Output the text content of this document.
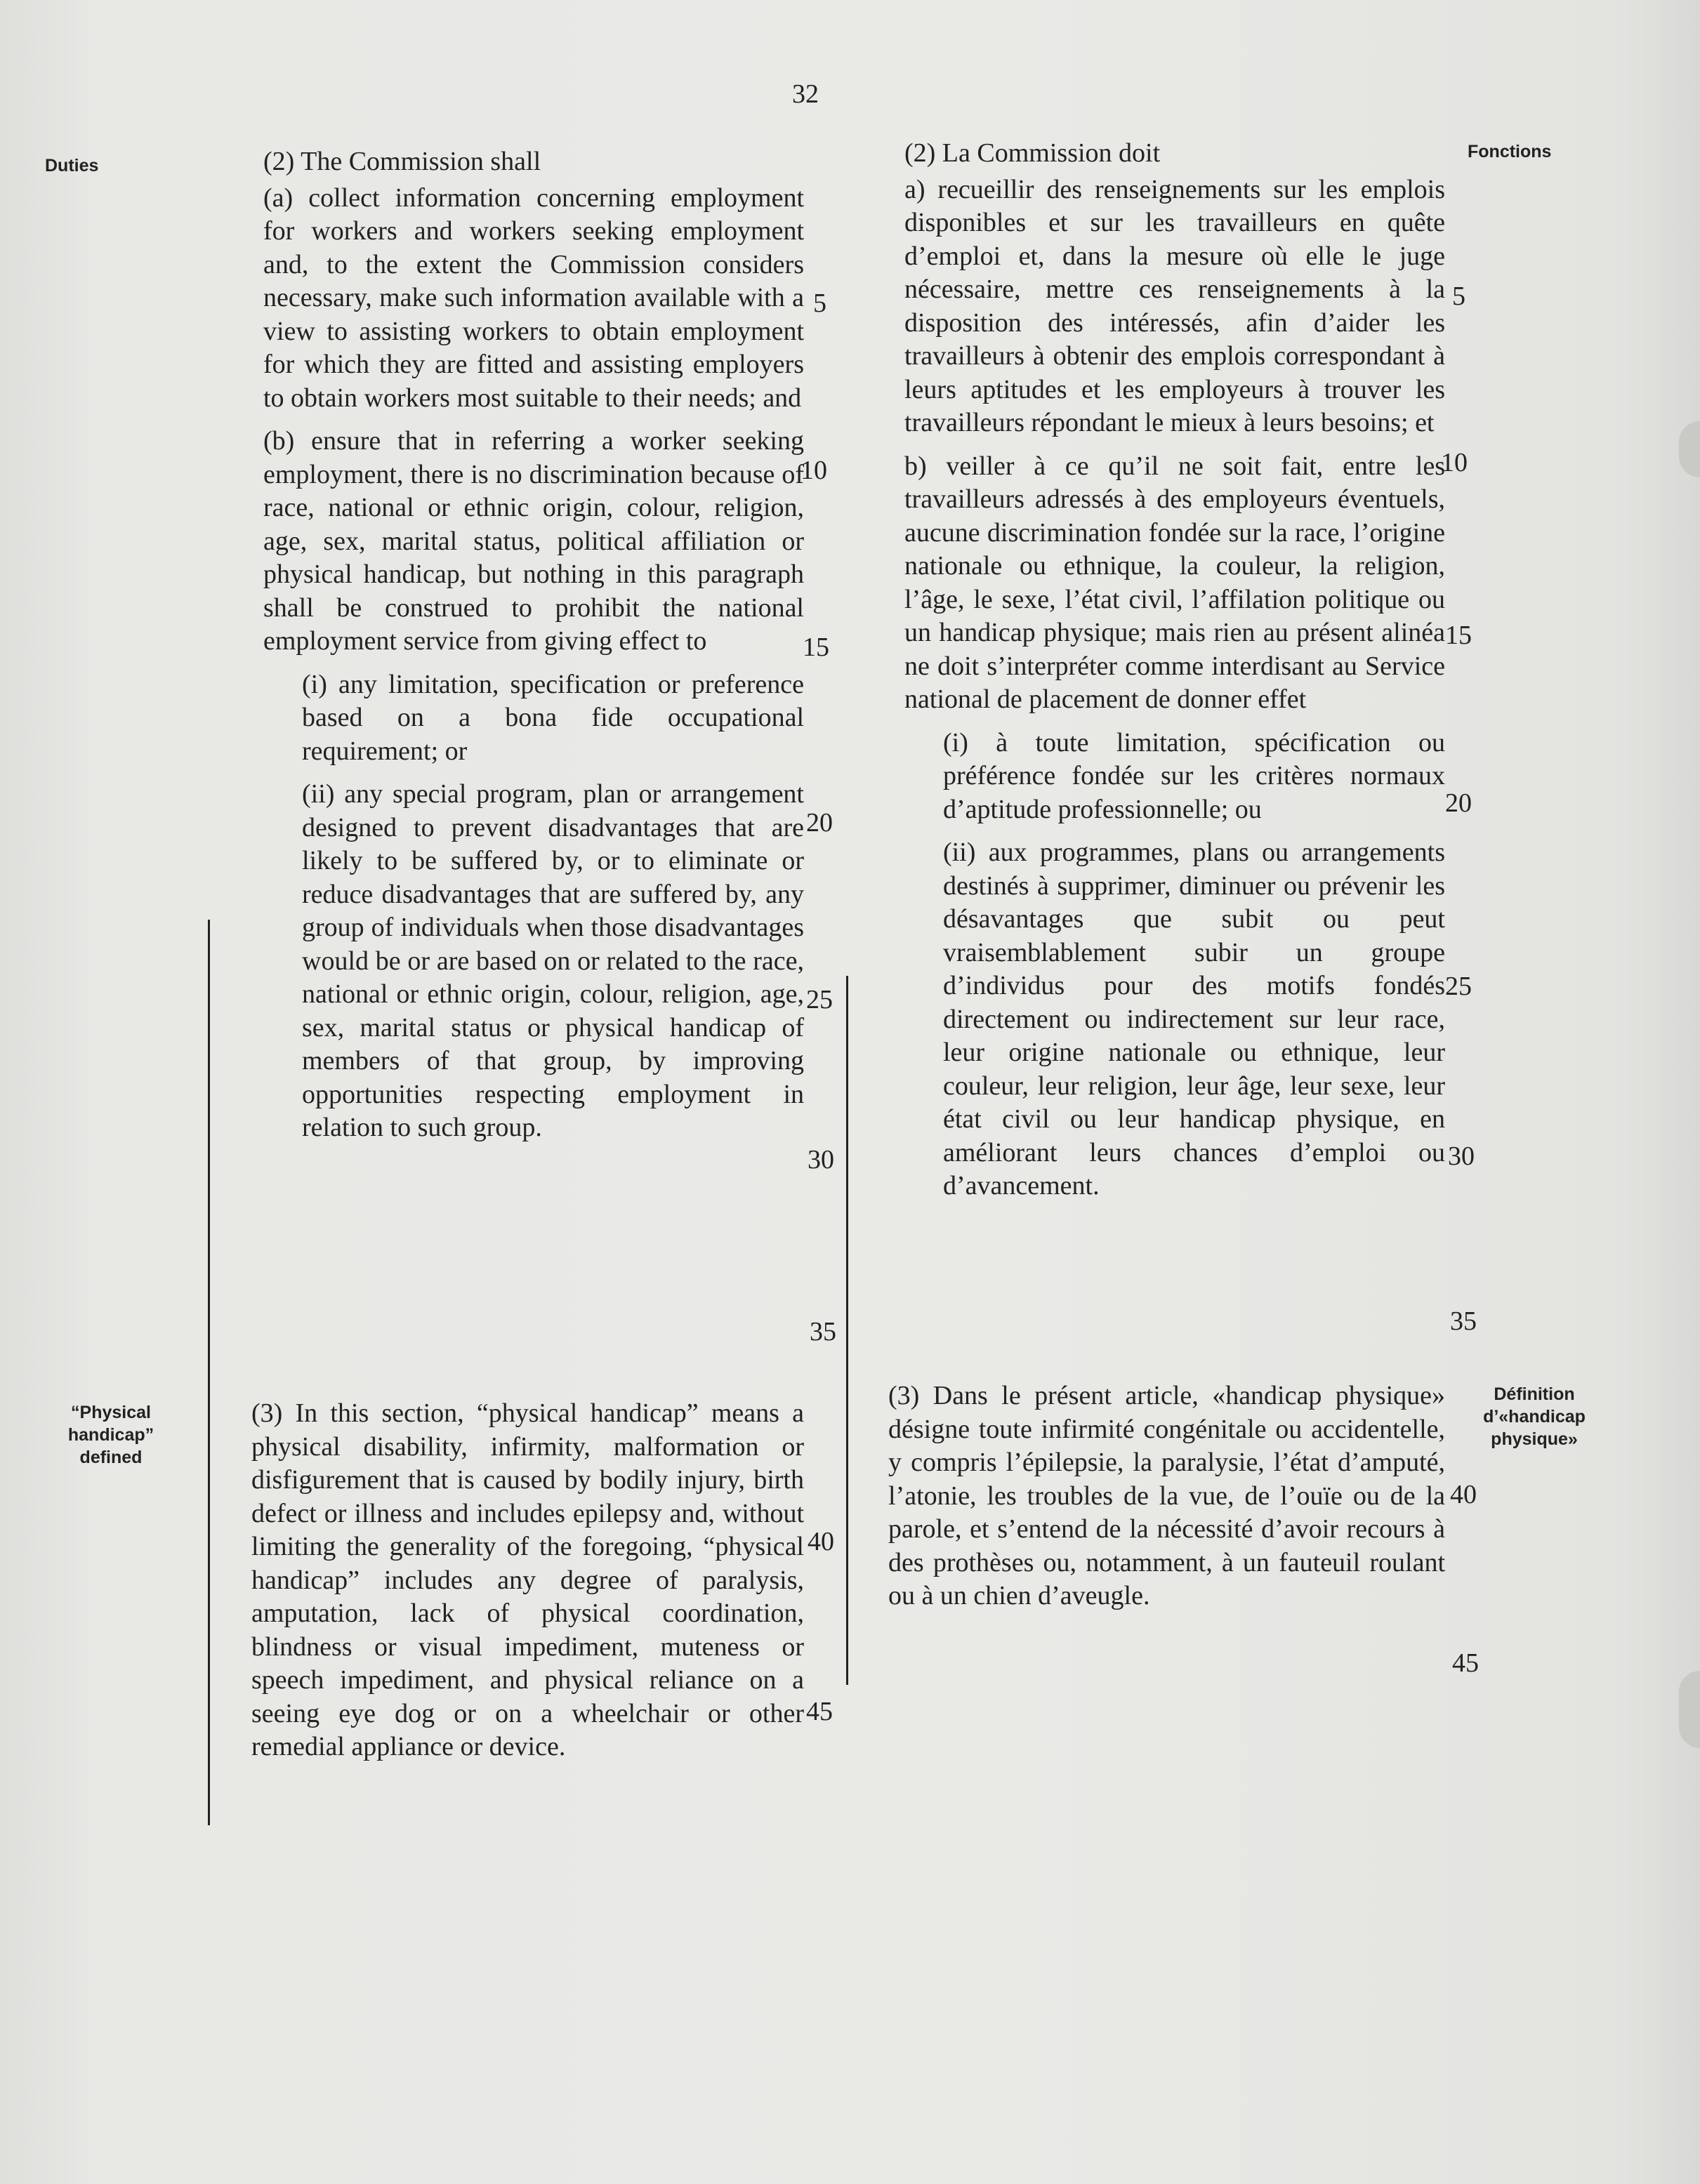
32
Duties
Fonctions
“Physical handicap” defined
Définition d’«handicap physique»

(2) The Commission shall

(a) collect information concerning employment for workers and workers seeking employment and, to the extent the Commission considers necessary, make such information available with a view to assisting workers to obtain employment for which they are fitted and assisting employers to obtain workers most suitable to their needs; and

(b) ensure that in referring a worker seeking employment, there is no discrimination because of race, national or ethnic origin, colour, religion, age, sex, marital status, political affiliation or physical handicap, but nothing in this paragraph shall be construed to prohibit the national employment service from giving effect to

(i) any limitation, specification or preference based on a bona fide occupational requirement; or

(ii) any special program, plan or arrangement designed to prevent disadvantages that are likely to be suffered by, or to eliminate or reduce disadvantages that are suffered by, any group of individuals when those disadvantages would be or are based on or related to the race, national or ethnic origin, colour, religion, age, sex, marital status or physical handicap of members of that group, by improving opportunities respecting employment in relation to such group.

(2) La Commission doit

a) recueillir des renseignements sur les emplois disponibles et sur les travailleurs en quête d’emploi et, dans la mesure où elle le juge nécessaire, mettre ces renseignements à la disposition des intéressés, afin d’aider les travailleurs à obtenir des emplois correspondant à leurs aptitudes et les employeurs à trouver les travailleurs répondant le mieux à leurs besoins; et

b) veiller à ce qu’il ne soit fait, entre les travailleurs adressés à des employeurs éventuels, aucune discrimination fondée sur la race, l’origine nationale ou ethnique, la couleur, la religion, l’âge, le sexe, l’état civil, l’affilation politique ou un handicap physique; mais rien au présent alinéa ne doit s’interpréter comme interdisant au Service national de placement de donner effet

(i) à toute limitation, spécification ou préférence fondée sur les critères normaux d’aptitude professionnelle; ou

(ii) aux programmes, plans ou arrangements destinés à supprimer, diminuer ou prévenir les désavantages que subit ou peut vraisemblablement subir un groupe d’individus pour des motifs fondés directement ou indirectement sur leur race, leur origine nationale ou ethnique, leur couleur, leur religion, leur âge, leur sexe, leur état civil ou leur handicap physique, en améliorant leurs chances d’emploi ou d’avancement.

(3) In this section, “physical handicap” means a physical disability, infirmity, malformation or disfigurement that is caused by bodily injury, birth defect or illness and includes epilepsy and, without limiting the generality of the foregoing, “physical handicap” includes any degree of paralysis, amputation, lack of physical coordination, blindness or visual impediment, muteness or speech impediment, and physical reliance on a seeing eye dog or on a wheelchair or other remedial appliance or device.

(3) Dans le présent article, «handicap physique» désigne toute infirmité congénitale ou accidentelle, y compris l’épilepsie, la paralysie, l’état d’amputé, l’atonie, les troubles de la vue, de l’ouïe ou de la parole, et s’entend de la nécessité d’avoir recours à des prothèses ou, notamment, à un fauteuil roulant ou à un chien d’aveugle.

5
10
15
20
25
30
35
40
45
5
10
15
20
25
30
35
40
45
